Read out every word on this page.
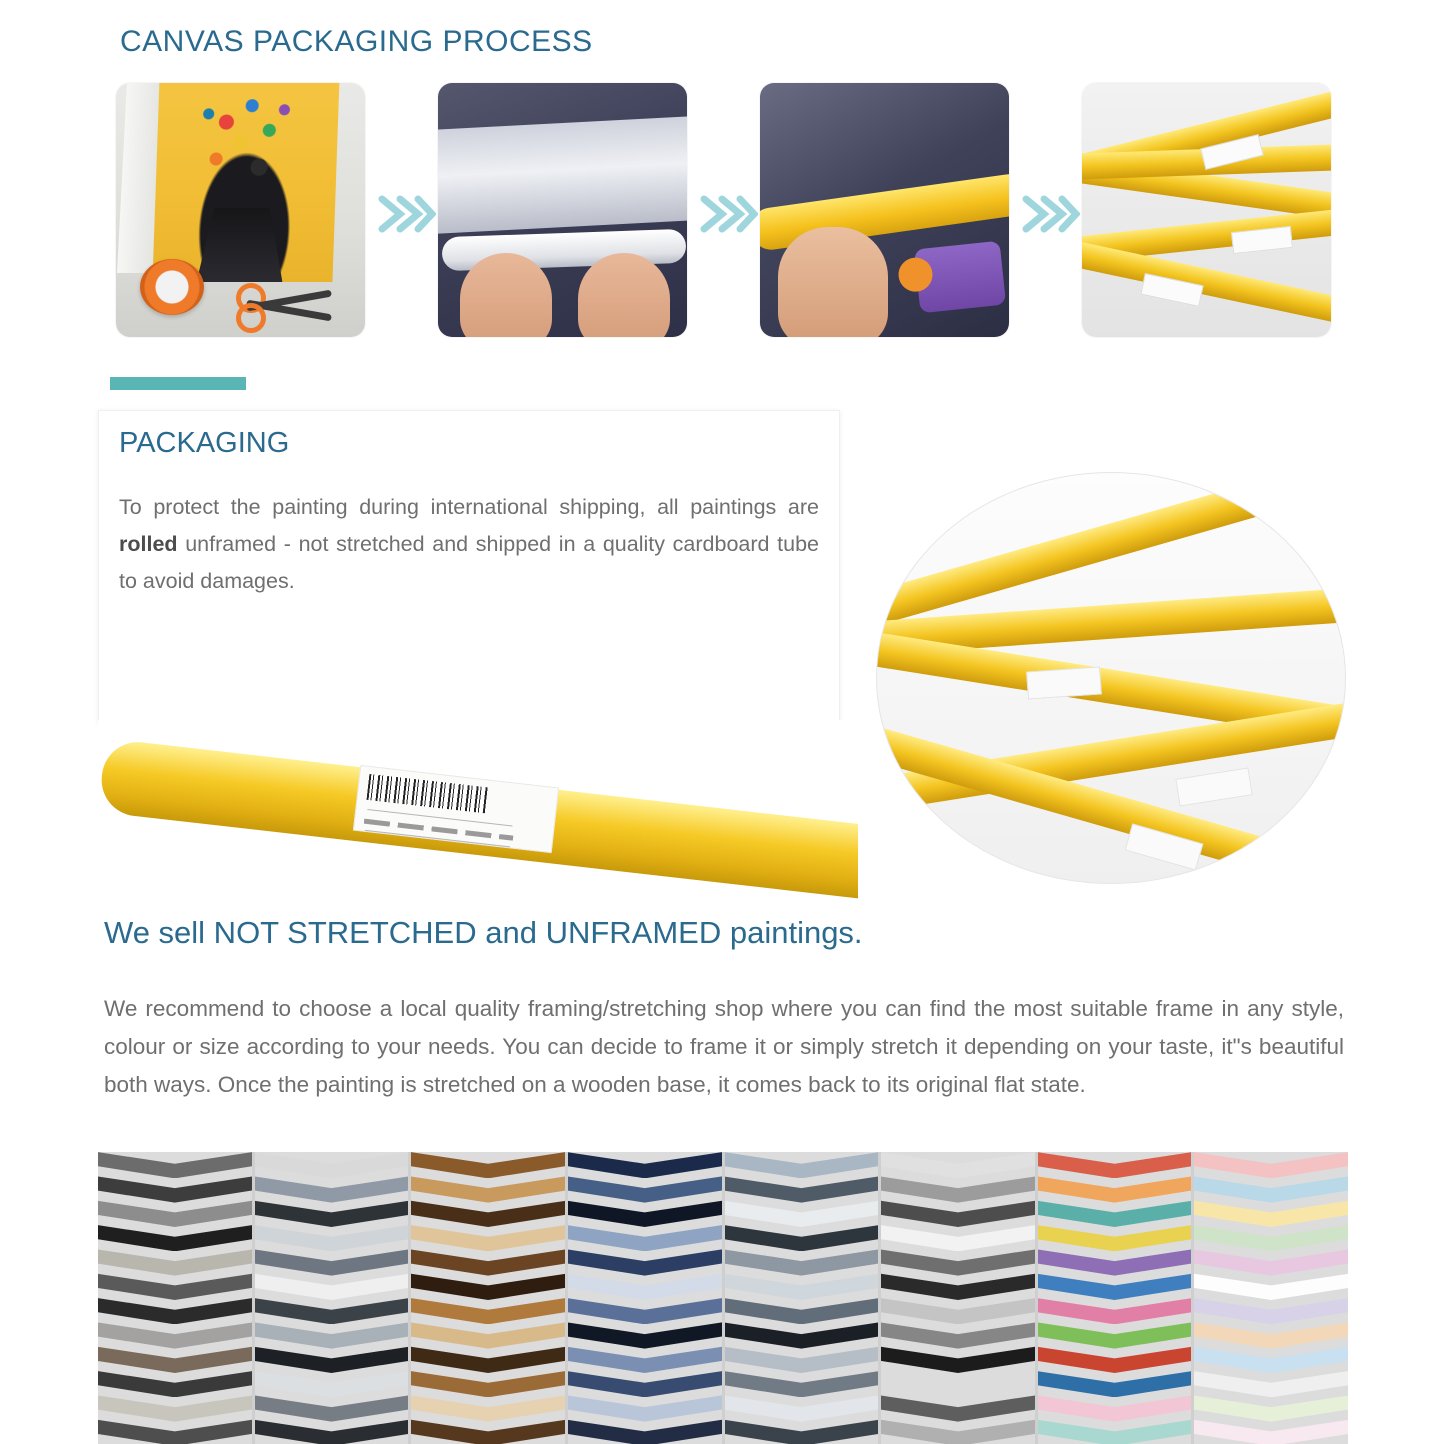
CANVAS PACKAGING PROCESS
PACKAGING
To protect the painting during international shipping, all paintings are rolled unframed - not stretched and shipped in a quality cardboard tube to avoid damages.
We sell NOT STRETCHED and UNFRAMED paintings.
We recommend to choose a local quality framing/stretching shop where you can find the most suitable frame in any style, colour or size according to your needs. You can decide to frame it or simply stretch it depending on your taste, it"s beautiful both ways. Once the painting is stretched on a wooden base, it comes back to its original flat state.
